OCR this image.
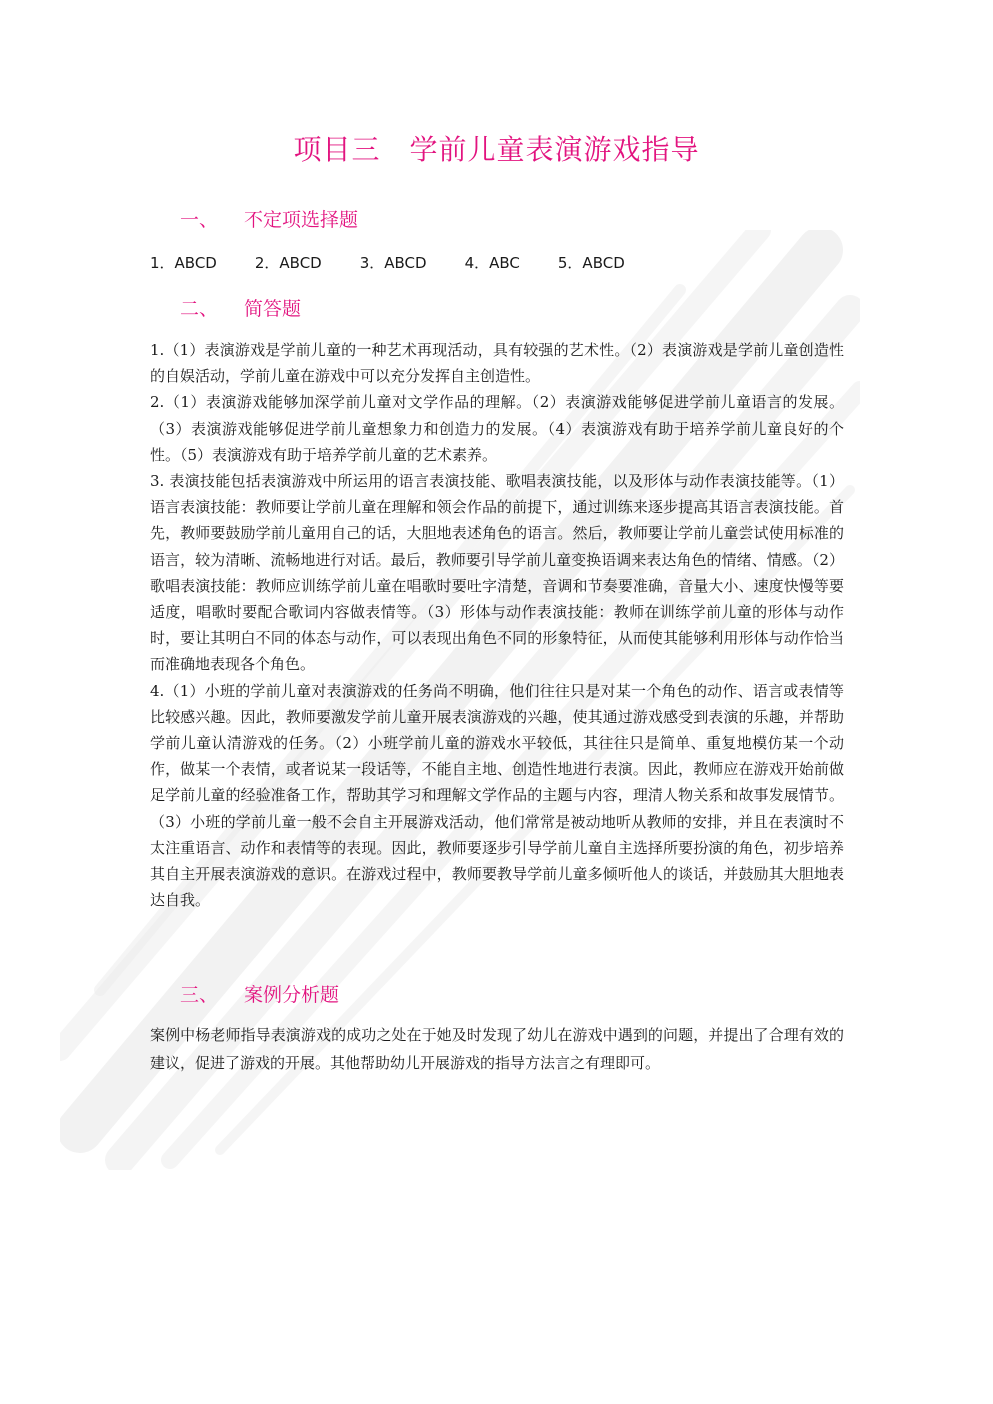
项目三　学前儿童表演游戏指导
一、 不定项选择题
1．ABCD	2．ABCD	3．ABCD	4．ABC	5．ABCD
二、 简答题

1.（1）表演游戏是学前儿童的一种艺术再现活动，具有较强的艺术性。（2）表演游戏是学前儿童创造性的自娱活动，学前儿童在游戏中可以充分发挥自主创造性。

2.（1）表演游戏能够加深学前儿童对文学作品的理解。（2）表演游戏能够促进学前儿童语言的发展。（3）表演游戏能够促进学前儿童想象力和创造力的发展。（4）表演游戏有助于培养学前儿童良好的个性。（5）表演游戏有助于培养学前儿童的艺术素养。

3. 表演技能包括表演游戏中所运用的语言表演技能、歌唱表演技能，以及形体与动作表演技能等。（1）语言表演技能：教师要让学前儿童在理解和领会作品的前提下，通过训练来逐步提高其语言表演技能。首先，教师要鼓励学前儿童用自己的话，大胆地表述角色的语言。然后，教师要让学前儿童尝试使用标准的语言，较为清晰、流畅地进行对话。最后，教师要引导学前儿童变换语调来表达角色的情绪、情感。（2）歌唱表演技能：教师应训练学前儿童在唱歌时要吐字清楚，音调和节奏要准确，音量大小、速度快慢等要适度，唱歌时要配合歌词内容做表情等。（3）形体与动作表演技能：教师在训练学前儿童的形体与动作时，要让其明白不同的体态与动作，可以表现出角色不同的形象特征，从而使其能够利用形体与动作恰当而准确地表现各个角色。

4.（1）小班的学前儿童对表演游戏的任务尚不明确，他们往往只是对某一个角色的动作、语言或表情等比较感兴趣。因此，教师要激发学前儿童开展表演游戏的兴趣，使其通过游戏感受到表演的乐趣，并帮助学前儿童认清游戏的任务。（2）小班学前儿童的游戏水平较低，其往往只是简单、重复地模仿某一个动作，做某一个表情，或者说某一段话等，不能自主地、创造性地进行表演。因此，教师应在游戏开始前做足学前儿童的经验准备工作，帮助其学习和理解文学作品的主题与内容，理清人物关系和故事发展情节。（3）小班的学前儿童一般不会自主开展游戏活动，他们常常是被动地听从教师的安排，并且在表演时不太注重语言、动作和表情等的表现。因此，教师要逐步引导学前儿童自主选择所要扮演的角色，初步培养其自主开展表演游戏的意识。在游戏过程中，教师要教导学前儿童多倾听他人的谈话，并鼓励其大胆地表达自我。

三、 案例分析题

案例中杨老师指导表演游戏的成功之处在于她及时发现了幼儿在游戏中遇到的问题，并提出了合理有效的建议，促进了游戏的开展。其他帮助幼儿开展游戏的指导方法言之有理即可。
